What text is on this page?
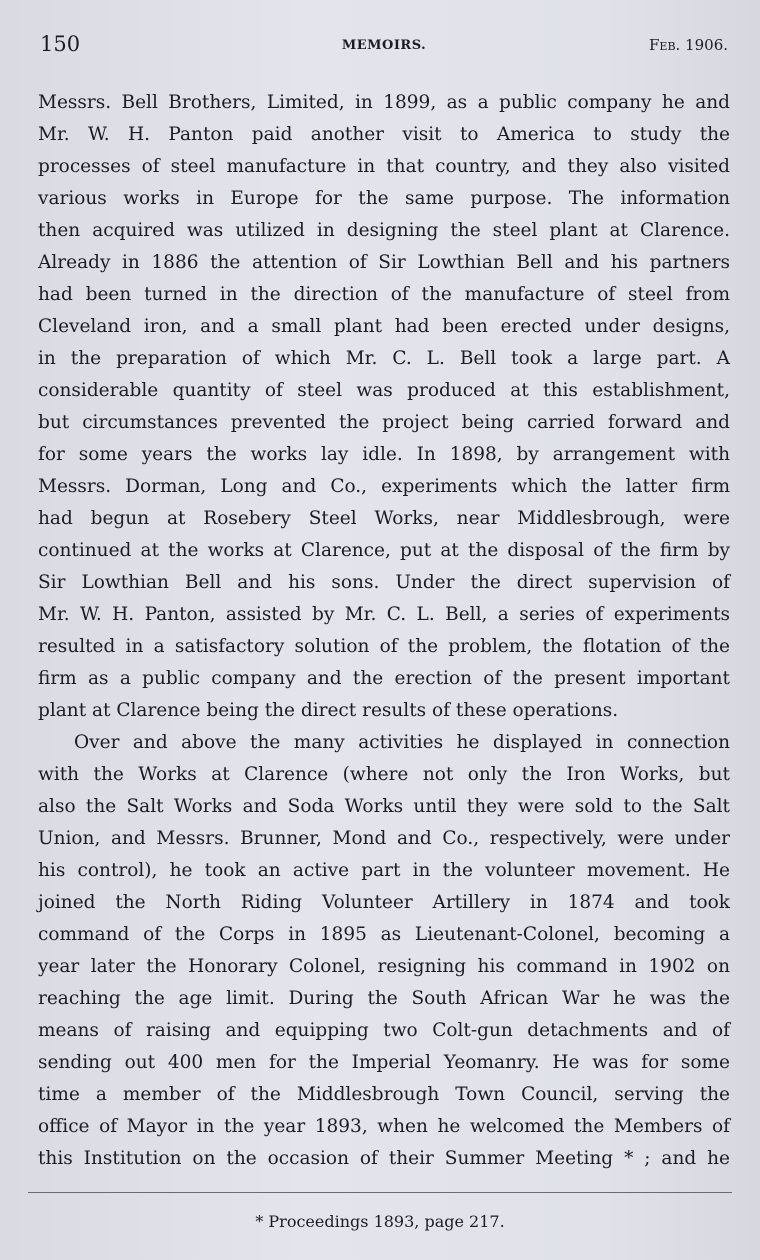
150	MEMOIRS.	Feb. 1906.
Messrs. Bell Brothers, Limited, in 1899, as a public company he and
Mr. W. H. Panton paid another visit to America to study the
processes of steel manufacture in that country, and they also visited
various works in Europe for the same purpose. The information
then acquired was utilized in designing the steel plant at Clarence.
Already in 1886 the attention of Sir Lowthian Bell and his partners
had been turned in the direction of the manufacture of steel from
Cleveland iron, and a small plant had been erected under designs,
in the preparation of which Mr. C. L. Bell took a large part. A
considerable quantity of steel was produced at this establishment,
but circumstances prevented the project being carried forward and
for some years the works lay idle. In 1898, by arrangement with
Messrs. Dorman, Long and Co., experiments which the latter firm
had begun at Rosebery Steel Works, near Middlesbrough, were
continued at the works at Clarence, put at the disposal of the firm by
Sir Lowthian Bell and his sons. Under the direct supervision of
Mr. W. H. Panton, assisted by Mr. C. L. Bell, a series of experiments
resulted in a satisfactory solution of the problem, the flotation of the
firm as a public company and the erection of the present important
plant at Clarence being the direct results of these operations.
Over and above the many activities he displayed in connection
with the Works at Clarence (where not only the Iron Works, but
also the Salt Works and Soda Works until they were sold to the Salt
Union, and Messrs. Brunner, Mond and Co., respectively, were under
his control), he took an active part in the volunteer movement. He
joined the North Riding Volunteer Artillery in 1874 and took
command of the Corps in 1895 as Lieutenant-Colonel, becoming a
year later the Honorary Colonel, resigning his command in 1902 on
reaching the age limit. During the South African War he was the
means of raising and equipping two Colt-gun detachments and of
sending out 400 men for the Imperial Yeomanry. He was for some
time a member of the Middlesbrough Town Council, serving the
office of Mayor in the year 1893, when he welcomed the Members of
this Institution on the occasion of their Summer Meeting * ; and he
* Proceedings 1893, page 217.
